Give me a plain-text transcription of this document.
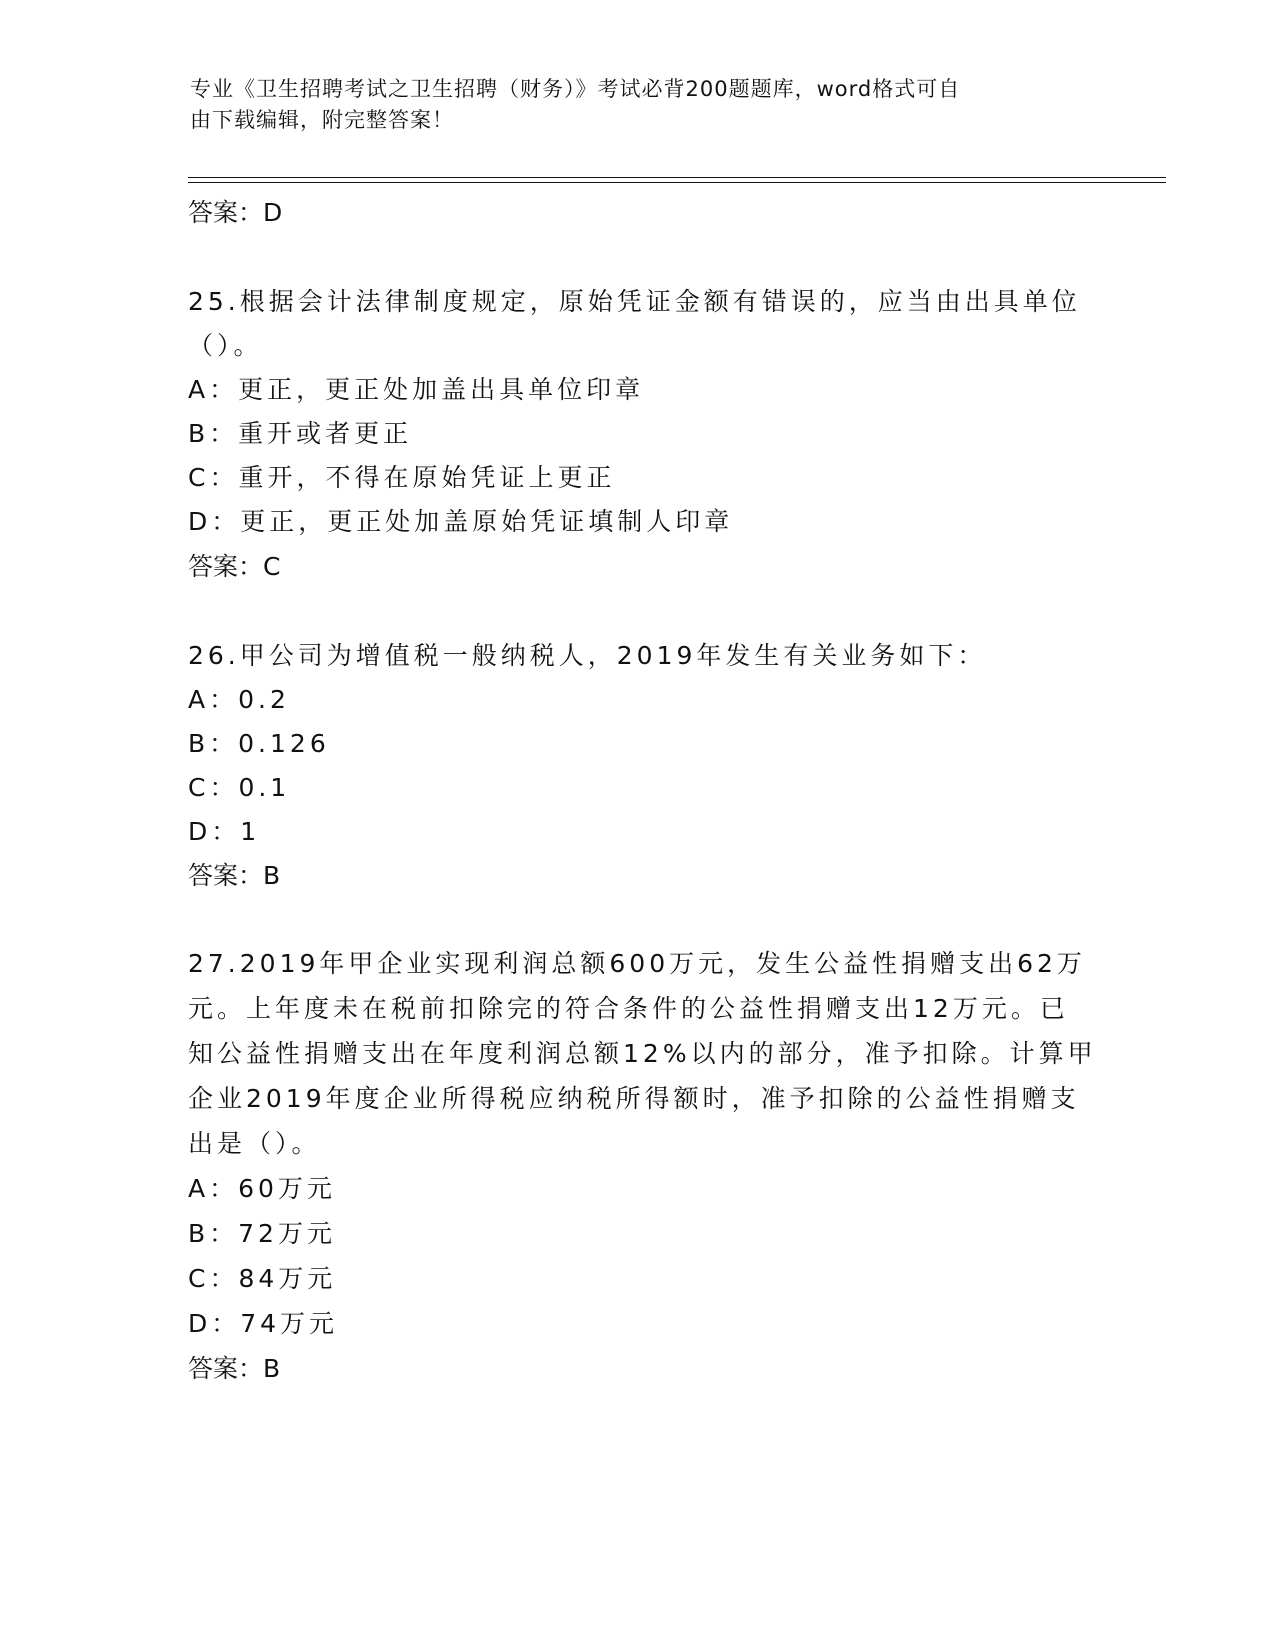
专业《卫生招聘考试之卫生招聘（财务）》考试必背200题题库，word格式可自
由下载编辑，附完整答案！
答案：D
25.根据会计法律制度规定，原始凭证金额有错误的，应当由出具单位
（）。
A：更正，更正处加盖出具单位印章
B：重开或者更正
C：重开，不得在原始凭证上更正
D：更正，更正处加盖原始凭证填制人印章
答案：C
26.甲公司为增值税一般纳税人，2019年发生有关业务如下：
A：0.2
B：0.126
C：0.1
D：1
答案：B
27.2019年甲企业实现利润总额600万元，发生公益性捐赠支出62万
元。上年度未在税前扣除完的符合条件的公益性捐赠支出12万元。已
知公益性捐赠支出在年度利润总额12%以内的部分，准予扣除。计算甲
企业2019年度企业所得税应纳税所得额时，准予扣除的公益性捐赠支
出是（）。
A：60万元
B：72万元
C：84万元
D：74万元
答案：B
